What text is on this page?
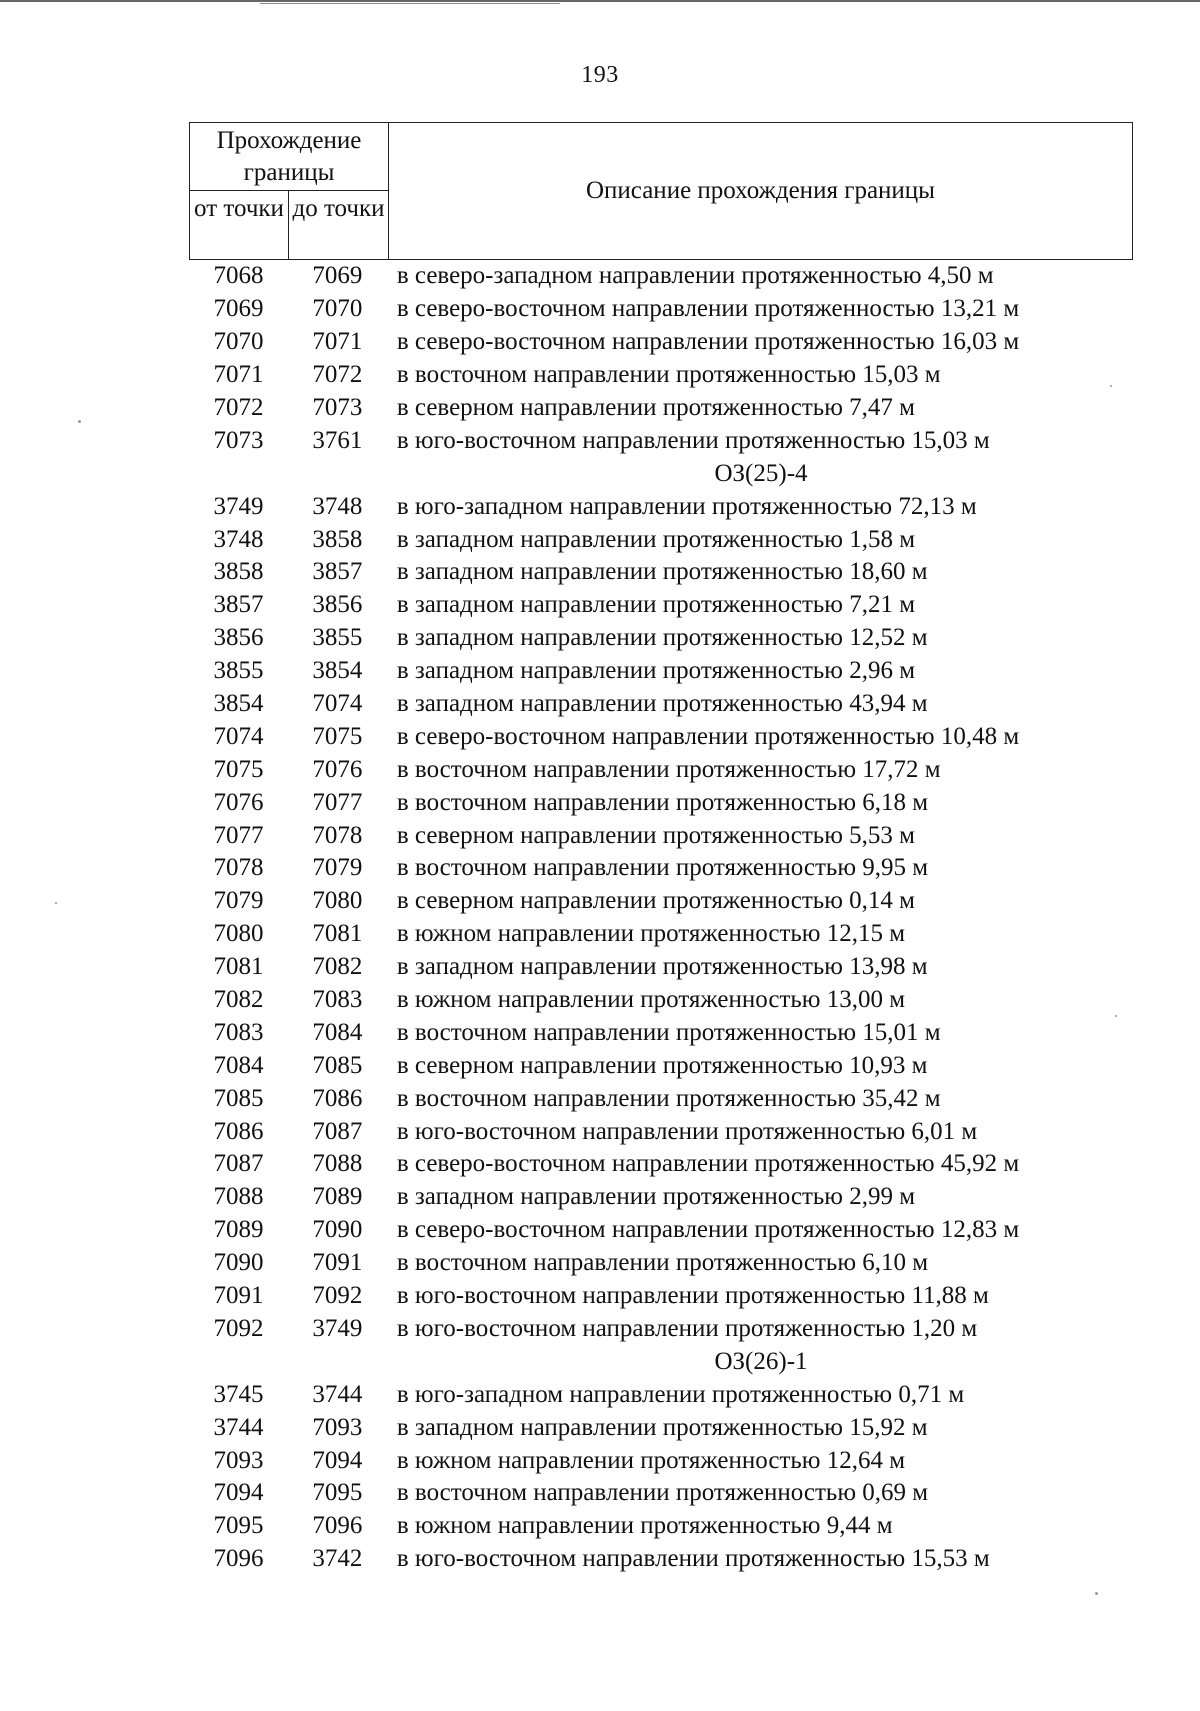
193
Прохождение границы
от точки до точки
Описание прохождения границы
7068	7069	в северо-западном направлении протяженностью 4,50 м
7069	7070	в северо-восточном направлении протяженностью 13,21 м
7070	7071	в северо-восточном направлении протяженностью 16,03 м
7071	7072	в восточном направлении протяженностью 15,03 м
7072	7073	в северном направлении протяженностью 7,47 м
7073	3761	в юго-восточном направлении протяженностью 15,03 м
ОЗ(25)-4
3749	3748	в юго-западном направлении протяженностью 72,13 м
3748	3858	в западном направлении протяженностью 1,58 м
3858	3857	в западном направлении протяженностью 18,60 м
3857	3856	в западном направлении протяженностью 7,21 м
3856	3855	в западном направлении протяженностью 12,52 м
3855	3854	в западном направлении протяженностью 2,96 м
3854	7074	в западном направлении протяженностью 43,94 м
7074	7075	в северо-восточном направлении протяженностью 10,48 м
7075	7076	в восточном направлении протяженностью 17,72 м
7076	7077	в восточном направлении протяженностью 6,18 м
7077	7078	в северном направлении протяженностью 5,53 м
7078	7079	в восточном направлении протяженностью 9,95 м
7079	7080	в северном направлении протяженностью 0,14 м
7080	7081	в южном направлении протяженностью 12,15 м
7081	7082	в западном направлении протяженностью 13,98 м
7082	7083	в южном направлении протяженностью 13,00 м
7083	7084	в восточном направлении протяженностью 15,01 м
7084	7085	в северном направлении протяженностью 10,93 м
7085	7086	в восточном направлении протяженностью 35,42 м
7086	7087	в юго-восточном направлении протяженностью 6,01 м
7087	7088	в северо-восточном направлении протяженностью 45,92 м
7088	7089	в западном направлении протяженностью 2,99 м
7089	7090	в северо-восточном направлении протяженностью 12,83 м
7090	7091	в восточном направлении протяженностью 6,10 м
7091	7092	в юго-восточном направлении протяженностью 11,88 м
7092	3749	в юго-восточном направлении протяженностью 1,20 м
ОЗ(26)-1
3745	3744	в юго-западном направлении протяженностью 0,71 м
3744	7093	в западном направлении протяженностью 15,92 м
7093	7094	в южном направлении протяженностью 12,64 м
7094	7095	в восточном направлении протяженностью 0,69 м
7095	7096	в южном направлении протяженностью 9,44 м
7096	3742	в юго-восточном направлении протяженностью 15,53 м
